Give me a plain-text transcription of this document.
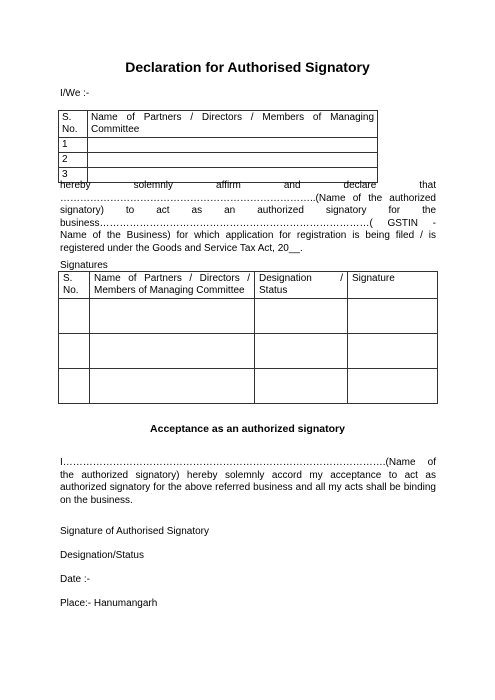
Declaration for Authorised Signatory
I/We :-
S. No.	Name of Partners / Directors / Members of Managing Committee
1	
2	
3	
hereby solemnly affirm and declare that …………………………………………………………………..(Name of the authorized signatory) to act as an authorized signatory for the business………………………………………………………………………( GSTIN - Name of the Business) for which application for registration is being filed / is registered under the Goods and Service Tax Act, 20__.
Signatures
S. No.	Name of Partners / Directors / Members of Managing Committee	Designation / Status	Signature

Acceptance as an authorized signatory
I…………………………………………………………………………………….(Name of the authorized signatory) hereby solemnly accord my acceptance to act as authorized signatory for the above referred business and all my acts shall be binding on the business.
Signature of Authorised Signatory
Designation/Status
Date :-
Place:- Hanumangarh
